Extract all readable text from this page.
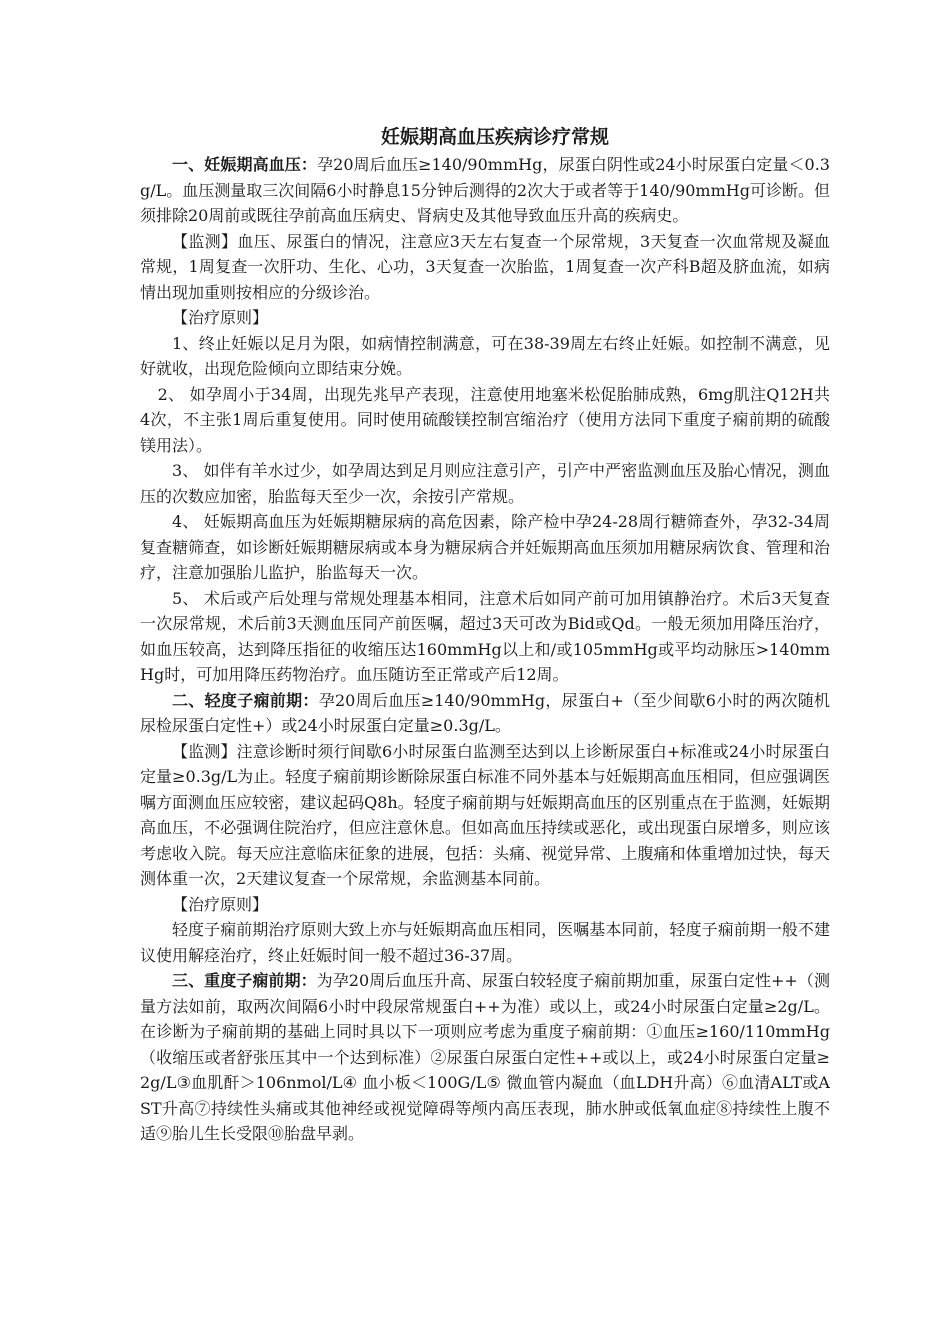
妊娠期高血压疾病诊疗常规

一、妊娠期高血压：孕20周后血压≥140/90mmHg，尿蛋白阴性或24小时尿蛋白定量＜0.3g/L。血压测量取三次间隔6小时静息15分钟后测得的2次大于或者等于140/90mmHg可诊断。但须排除20周前或既往孕前高血压病史、肾病史及其他导致血压升高的疾病史。

【监测】血压、尿蛋白的情况，注意应3天左右复查一个尿常规，3天复查一次血常规及凝血常规，1周复查一次肝功、生化、心功，3天复查一次胎监，1周复查一次产科B超及脐血流，如病情出现加重则按相应的分级诊治。

【治疗原则】

1、终止妊娠以足月为限，如病情控制满意，可在38-39周左右终止妊娠。如控制不满意，见好就收，出现危险倾向立即结束分娩。

2、 如孕周小于34周，出现先兆早产表现，注意使用地塞米松促胎肺成熟，6mg肌注Q12H共4次，不主张1周后重复使用。同时使用硫酸镁控制宫缩治疗（使用方法同下重度子痫前期的硫酸镁用法）。

3、 如伴有羊水过少，如孕周达到足月则应注意引产，引产中严密监测血压及胎心情况，测血压的次数应加密，胎监每天至少一次，余按引产常规。

4、 妊娠期高血压为妊娠期糖尿病的高危因素，除产检中孕24-28周行糖筛查外，孕32-34周复查糖筛查，如诊断妊娠期糖尿病或本身为糖尿病合并妊娠期高血压须加用糖尿病饮食、管理和治疗，注意加强胎儿监护，胎监每天一次。

5、 术后或产后处理与常规处理基本相同，注意术后如同产前可加用镇静治疗。术后3天复查一次尿常规，术后前3天测血压同产前医嘱，超过3天可改为Bid或Qd。一般无须加用降压治疗，如血压较高，达到降压指征的收缩压达160mmHg以上和/或105mmHg或平均动脉压>140mmHg时，可加用降压药物治疗。血压随访至正常或产后12周。

二、轻度子痫前期：孕20周后血压≥140/90mmHg，尿蛋白+（至少间歇6小时的两次随机尿检尿蛋白定性+）或24小时尿蛋白定量≥0.3g/L。

【监测】注意诊断时须行间歇6小时尿蛋白监测至达到以上诊断尿蛋白+标准或24小时尿蛋白定量≥0.3g/L为止。轻度子痫前期诊断除尿蛋白标准不同外基本与妊娠期高血压相同，但应强调医嘱方面测血压应较密，建议起码Q8h。轻度子痫前期与妊娠期高血压的区别重点在于监测，妊娠期高血压，不必强调住院治疗，但应注意休息。但如高血压持续或恶化，或出现蛋白尿增多，则应该考虑收入院。每天应注意临床征象的进展，包括：头痛、视觉异常、上腹痛和体重增加过快，每天测体重一次，2天建议复查一个尿常规，余监测基本同前。

【治疗原则】

轻度子痫前期治疗原则大致上亦与妊娠期高血压相同，医嘱基本同前，轻度子痫前期一般不建议使用解痉治疗，终止妊娠时间一般不超过36-37周。

三、重度子痫前期：为孕20周后血压升高、尿蛋白较轻度子痫前期加重，尿蛋白定性++（测量方法如前，取两次间隔6小时中段尿常规蛋白++为准）或以上，或24小时尿蛋白定量≥2g/L。在诊断为子痫前期的基础上同时具以下一项则应考虑为重度子痫前期：①血压≥160/110mmHg（收缩压或者舒张压其中一个达到标准）②尿蛋白尿蛋白定性++或以上，或24小时尿蛋白定量≥2g/L③血肌酐＞106nmol/L④ 血小板＜100G/L⑤ 微血管内凝血（血LDH升高）⑥血清ALT或AST升高⑦持续性头痛或其他神经或视觉障碍等颅内高压表现，肺水肿或低氧血症⑧持续性上腹不适⑨胎儿生长受限⑩胎盘早剥。
